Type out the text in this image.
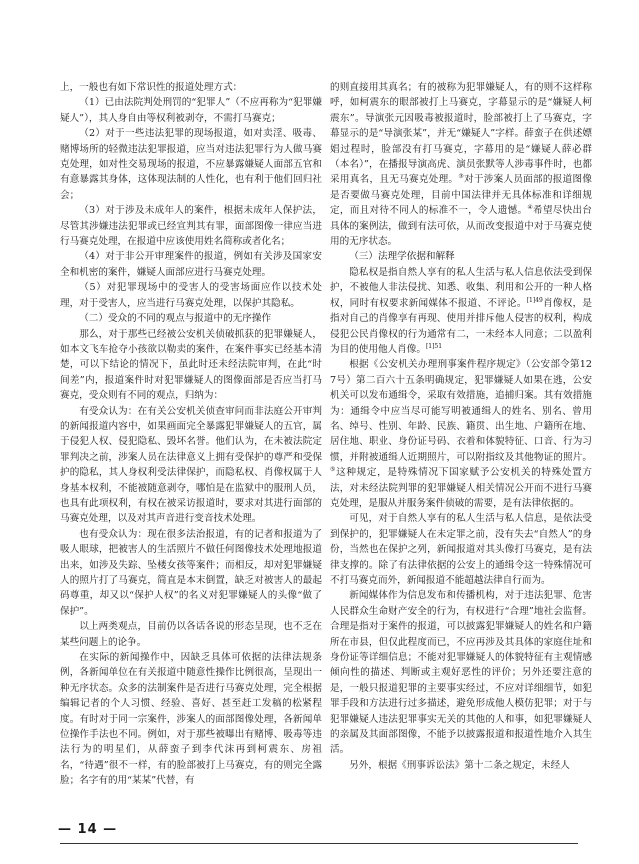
上，一般也有如下常识性的报道处理方式：

（1）已由法院判处刑罚的“犯罪人”（不应再称为“犯罪嫌疑人”），其人身自由等权利被剥夺，不需打马赛克；

（2）对于一些违法犯罪的现场报道，如对卖淫、吸毒、赌博场所的轻微违法犯罪报道，应当对违法犯罪行为人做马赛克处理，如对性交易现场的报道，不应暴露嫌疑人面部五官和有意暴露其身体，这体现法制的人性化，也有利于他们回归社会；

（3）对于涉及未成年人的案件，根据未成年人保护法，尽管其涉嫌违法犯罪或已经宣判其有罪，面部图像一律应当进行马赛克处理，在报道中应该使用姓名简称或者化名；

（4）对于非公开审理案件的报道，例如有关涉及国家安全和机密的案件，嫌疑人面部应进行马赛克处理。

（5）对犯罪现场中的受害人的受害场面应作以技术处理，对于受害人，应当进行马赛克处理，以保护其隐私。

（二）受众的不同的观点与报道中的无序操作

那么，对于那些已经被公安机关侦破抓获的犯罪嫌疑人，如本文飞车抢夺小孩欲以勒卖的案件，在案件事实已经基本清楚，可以下结论的情况下，虽此时还未经法院审判，在此“时间差”内，报道案件时对犯罪嫌疑人的图像面部是否应当打马赛克，受众则有不同的观点，归纳为：

有受众认为：在有关公安机关侦查审问而非法庭公开审判的新闻报道内容中，如果画面完全暴露犯罪嫌疑人的五官，属于侵犯人权、侵犯隐私、毁坏名誉。他们认为，在未被法院定罪判决之前，涉案人员在法律意义上拥有受保护的尊严和受保护的隐私，其人身权利受法律保护，而隐私权、肖像权属于人身基本权利，不能被随意剥夺，哪怕是在监狱中的服刑人员，也具有此项权利，有权在被采访报道时，要求对其进行面部的马赛克处理，以及对其声音进行变音技术处理。

也有受众认为：现在很多法治报道，有的记者和报道为了吸人眼球，把被害人的生活照片不做任何图像技术处理地报道出来，如涉及失踪、坠楼女孩等案件；而相反，却对犯罪嫌疑人的照片打了马赛克，简直是本末倒置，缺乏对被害人的最起码尊重，却又以“保护人权”的名义对犯罪嫌疑人的头像“做了保护”。

以上两类观点，目前仍以各话各说的形态呈现，也不乏在某些问题上的论争。

在实际的新闻操作中，因缺乏具体可依据的法律法规条例，各新闻单位在有关报道中随意性操作比例很高，呈现出一种无序状态。众多的法制案件是否进行马赛克处理，完全根据编辑记者的个人习惯、经验、喜好、甚至赶工发稿的松紧程度。有时对于同一宗案件，涉案人的面部图像处理，各新闻单位操作手法也不同。例如，对于那些被曝出有赌博、吸毒等违法行为的明星们，从薛蛮子到李代沫再到柯震东、房祖名，“待遇”很不一样，有的脸部被打上马赛克，有的则完全露脸；名字有的用“某某”代替，有

的则直接用其真名；有的被称为犯罪嫌疑人，有的则不这样称呼，如柯震东的眼部被打上马赛克，字幕显示的是“嫌疑人柯震东”。导演张元因吸毒被报道时，脸部被打上了马赛克，字幕显示的是“导演张某”，并无“嫌疑人”字样。薛蛮子在供述嫖娼过程时，脸部没有打马赛克，字幕用的是“嫌疑人薛必群（本名）”，在播报导演高虎、演员张默等人涉毒事件时，也都采用真名，且无马赛克处理。③对于涉案人员面部的报道图像是否要做马赛克处理，目前中国法律并无具体标准和详细规定，而且对待不同人的标准不一，令人遗憾。④希望尽快出台具体的案例法，做到有法可依，从而改变报道中对于马赛克使用的无序状态。

（三）法理学依据和解释

隐私权是指自然人享有的私人生活与私人信息依法受到保护，不被他人非法侵扰、知悉、收集、利用和公开的一种人格权，同时有权要求新闻媒体不报道、不评论。$^{[1]49}$肖像权，是指对自己的肖像享有再现、使用并排斥他人侵害的权利，构成侵犯公民肖像权的行为通常有二，一未经本人同意；二以盈利为目的使用他人肖像。$^{[1]51}$

根据《公安机关办理刑事案件程序规定》（公安部令第127号）第二百六十五条明确规定，犯罪嫌疑人如果在逃，公安机关可以发布通缉令，采取有效措施，追捕归案。其有效措施为：通缉令中应当尽可能写明被通缉人的姓名、别名、曾用名、绰号、性别、年龄、民族、籍贯、出生地、户籍所在地、居住地、职业、身份证号码、衣着和体貌特征、口音、行为习惯，并附被通缉人近期照片，可以附指纹及其他物证的照片。⑤这种规定，是特殊情况下国家赋予公安机关的特殊处置方法，对未经法院判罪的犯罪嫌疑人相关情况公开而不进行马赛克处理，是服从并服务案件侦破的需要，是有法律依据的。

可见，对于自然人享有的私人生活与私人信息，是依法受到保护的，犯罪嫌疑人在未定罪之前，没有失去“自然人”的身份，当然也在保护之列，新闻报道对其头像打马赛克，是有法律支撑的。除了有法律依据的公安上的通缉令这一特殊情况可不打马赛克而外，新闻报道不能超越法律自行而为。

新闻媒体作为信息发布和传播机构，对于违法犯罪、危害人民群众生命财产安全的行为，有权进行“合理”地社会监督。合理是指对于案件的报道，可以披露犯罪嫌疑人的姓名和户籍所在市县，但仅此程度而已，不应再涉及其具体的家庭住址和身份证等详细信息；不能对犯罪嫌疑人的体貌特征有主观情感倾向性的描述、判断或主观好恶性的评价；另外还要注意的是，一般只报道犯罪的主要事实经过，不应对详细细节，如犯罪手段和方法进行过多描述，避免形成他人模仿犯罪；对于与犯罪嫌疑人违法犯罪事实无关的其他的人和事，如犯罪嫌疑人的亲属及其面部图像，不能予以披露报道和报道性地介入其生活。

另外，根据《刑事诉讼法》第十二条之规定，未经人

— 14 —
